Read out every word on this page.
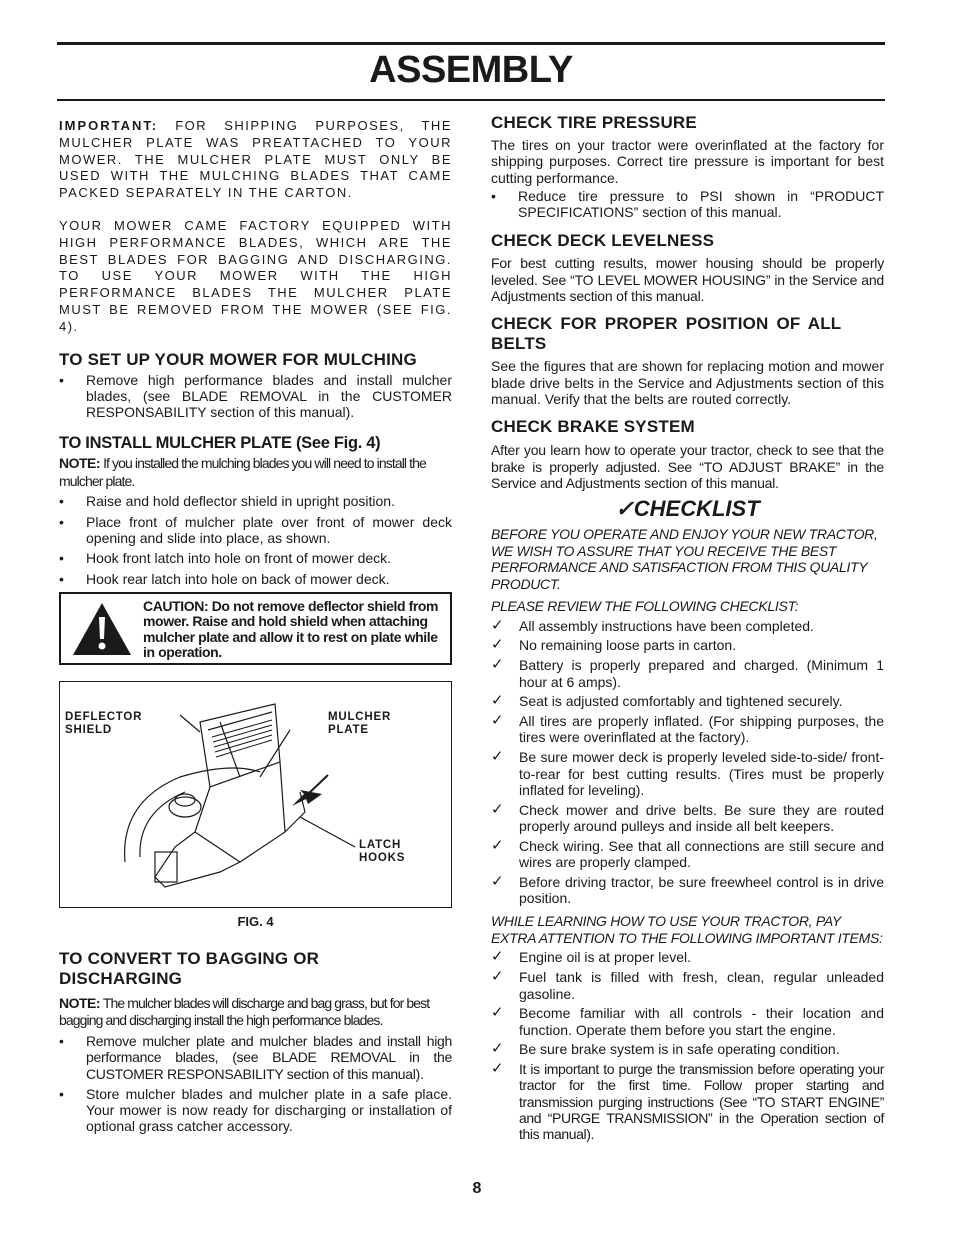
ASSEMBLY

IMPORTANT: FOR SHIPPING PURPOSES, THE MULCHER PLATE WAS PREATTACHED TO YOUR MOWER. THE MULCHER PLATE MUST ONLY BE USED WITH THE MULCHING BLADES THAT CAME PACKED SEPARATELY IN THE CARTON.

YOUR MOWER CAME FACTORY EQUIPPED WITH HIGH PERFORMANCE BLADES, WHICH ARE THE BEST BLADES FOR BAGGING AND DISCHARGING. TO USE YOUR MOWER WITH THE HIGH PERFORMANCE BLADES THE MULCHER PLATE MUST BE REMOVED FROM THE MOWER (SEE FIG. 4).

TO SET UP YOUR MOWER FOR MULCHING
• Remove high performance blades and install mulcher blades, (see BLADE REMOVAL in the CUSTOMER RESPONSABILITY section of this manual).
TO INSTALL MULCHER PLATE (See Fig. 4)

NOTE: If you installed the mulching blades you will need to install the mulcher plate.

• Raise and hold deflector shield in upright position.
• Place front of mulcher plate over front of mower deck opening and slide into place, as shown.
• Hook front latch into hole on front of mower deck.
• Hook rear latch into hole on back of mower deck.
CAUTION: Do not remove deflector shield from mower. Raise and hold shield when attaching mulcher plate and allow it to rest on plate while in operation.
DEFLECTOR
SHIELD
MULCHER
PLATE
LATCH
HOOKS
FIG. 4
TO CONVERT TO BAGGING OR
DISCHARGING

NOTE: The mulcher blades will discharge and bag grass, but for best bagging and discharging install the high performance blades.

• Remove mulcher plate and mulcher blades and install high performance blades, (see BLADE REMOVAL in the CUSTOMER RESPONSABILITY section of this manual).
• Store mulcher blades and mulcher plate in a safe place. Your mower is now ready for discharging or installation of optional grass catcher accessory.
CHECK TIRE PRESSURE

The tires on your tractor were overinflated at the factory for shipping purposes. Correct tire pressure is important for best cutting performance.

• Reduce tire pressure to PSI shown in “PRODUCT SPECIFICATIONS” section of this manual.
CHECK DECK LEVELNESS

For best cutting results, mower housing should be properly leveled. See “TO LEVEL MOWER HOUSING” in the Service and Adjustments section of this manual.

CHECK FOR PROPER POSITION OF ALL
BELTS

See the figures that are shown for replacing motion and mower blade drive belts in the Service and Adjustments section of this manual. Verify that the belts are routed correctly.

CHECK BRAKE SYSTEM

After you learn how to operate your tractor, check to see that the brake is properly adjusted. See “TO ADJUST BRAKE” in the Service and Adjustments section of this manual.

✓CHECKLIST

BEFORE YOU OPERATE AND ENJOY YOUR NEW TRACTOR, WE WISH TO ASSURE THAT YOU RECEIVE THE BEST PERFORMANCE AND SATISFACTION FROM THIS QUALITY PRODUCT.

PLEASE REVIEW THE FOLLOWING CHECKLIST:

✓ All assembly instructions have been completed.
✓ No remaining loose parts in carton.
✓ Battery is properly prepared and charged. (Minimum 1 hour at 6 amps).
✓ Seat is adjusted comfortably and tightened securely.
✓ All tires are properly inflated. (For shipping purposes, the tires were overinflated at the factory).
✓ Be sure mower deck is properly leveled side-to-side/ front-to-rear for best cutting results. (Tires must be properly inflated for leveling).
✓ Check mower and drive belts. Be sure they are routed properly around pulleys and inside all belt keepers.
✓ Check wiring. See that all connections are still secure and wires are properly clamped.
✓ Before driving tractor, be sure freewheel control is in drive position.

WHILE LEARNING HOW TO USE YOUR TRACTOR, PAY EXTRA ATTENTION TO THE FOLLOWING IMPORTANT ITEMS:

✓ Engine oil is at proper level.
✓ Fuel tank is filled with fresh, clean, regular unleaded gasoline.
✓ Become familiar with all controls - their location and function. Operate them before you start the engine.
✓ Be sure brake system is in safe operating condition.
✓ It is important to purge the transmission before operating your tractor for the first time. Follow proper starting and transmission purging instructions (See “TO START ENGINE” and “PURGE TRANSMISSION” in the Operation section of this manual).
8
